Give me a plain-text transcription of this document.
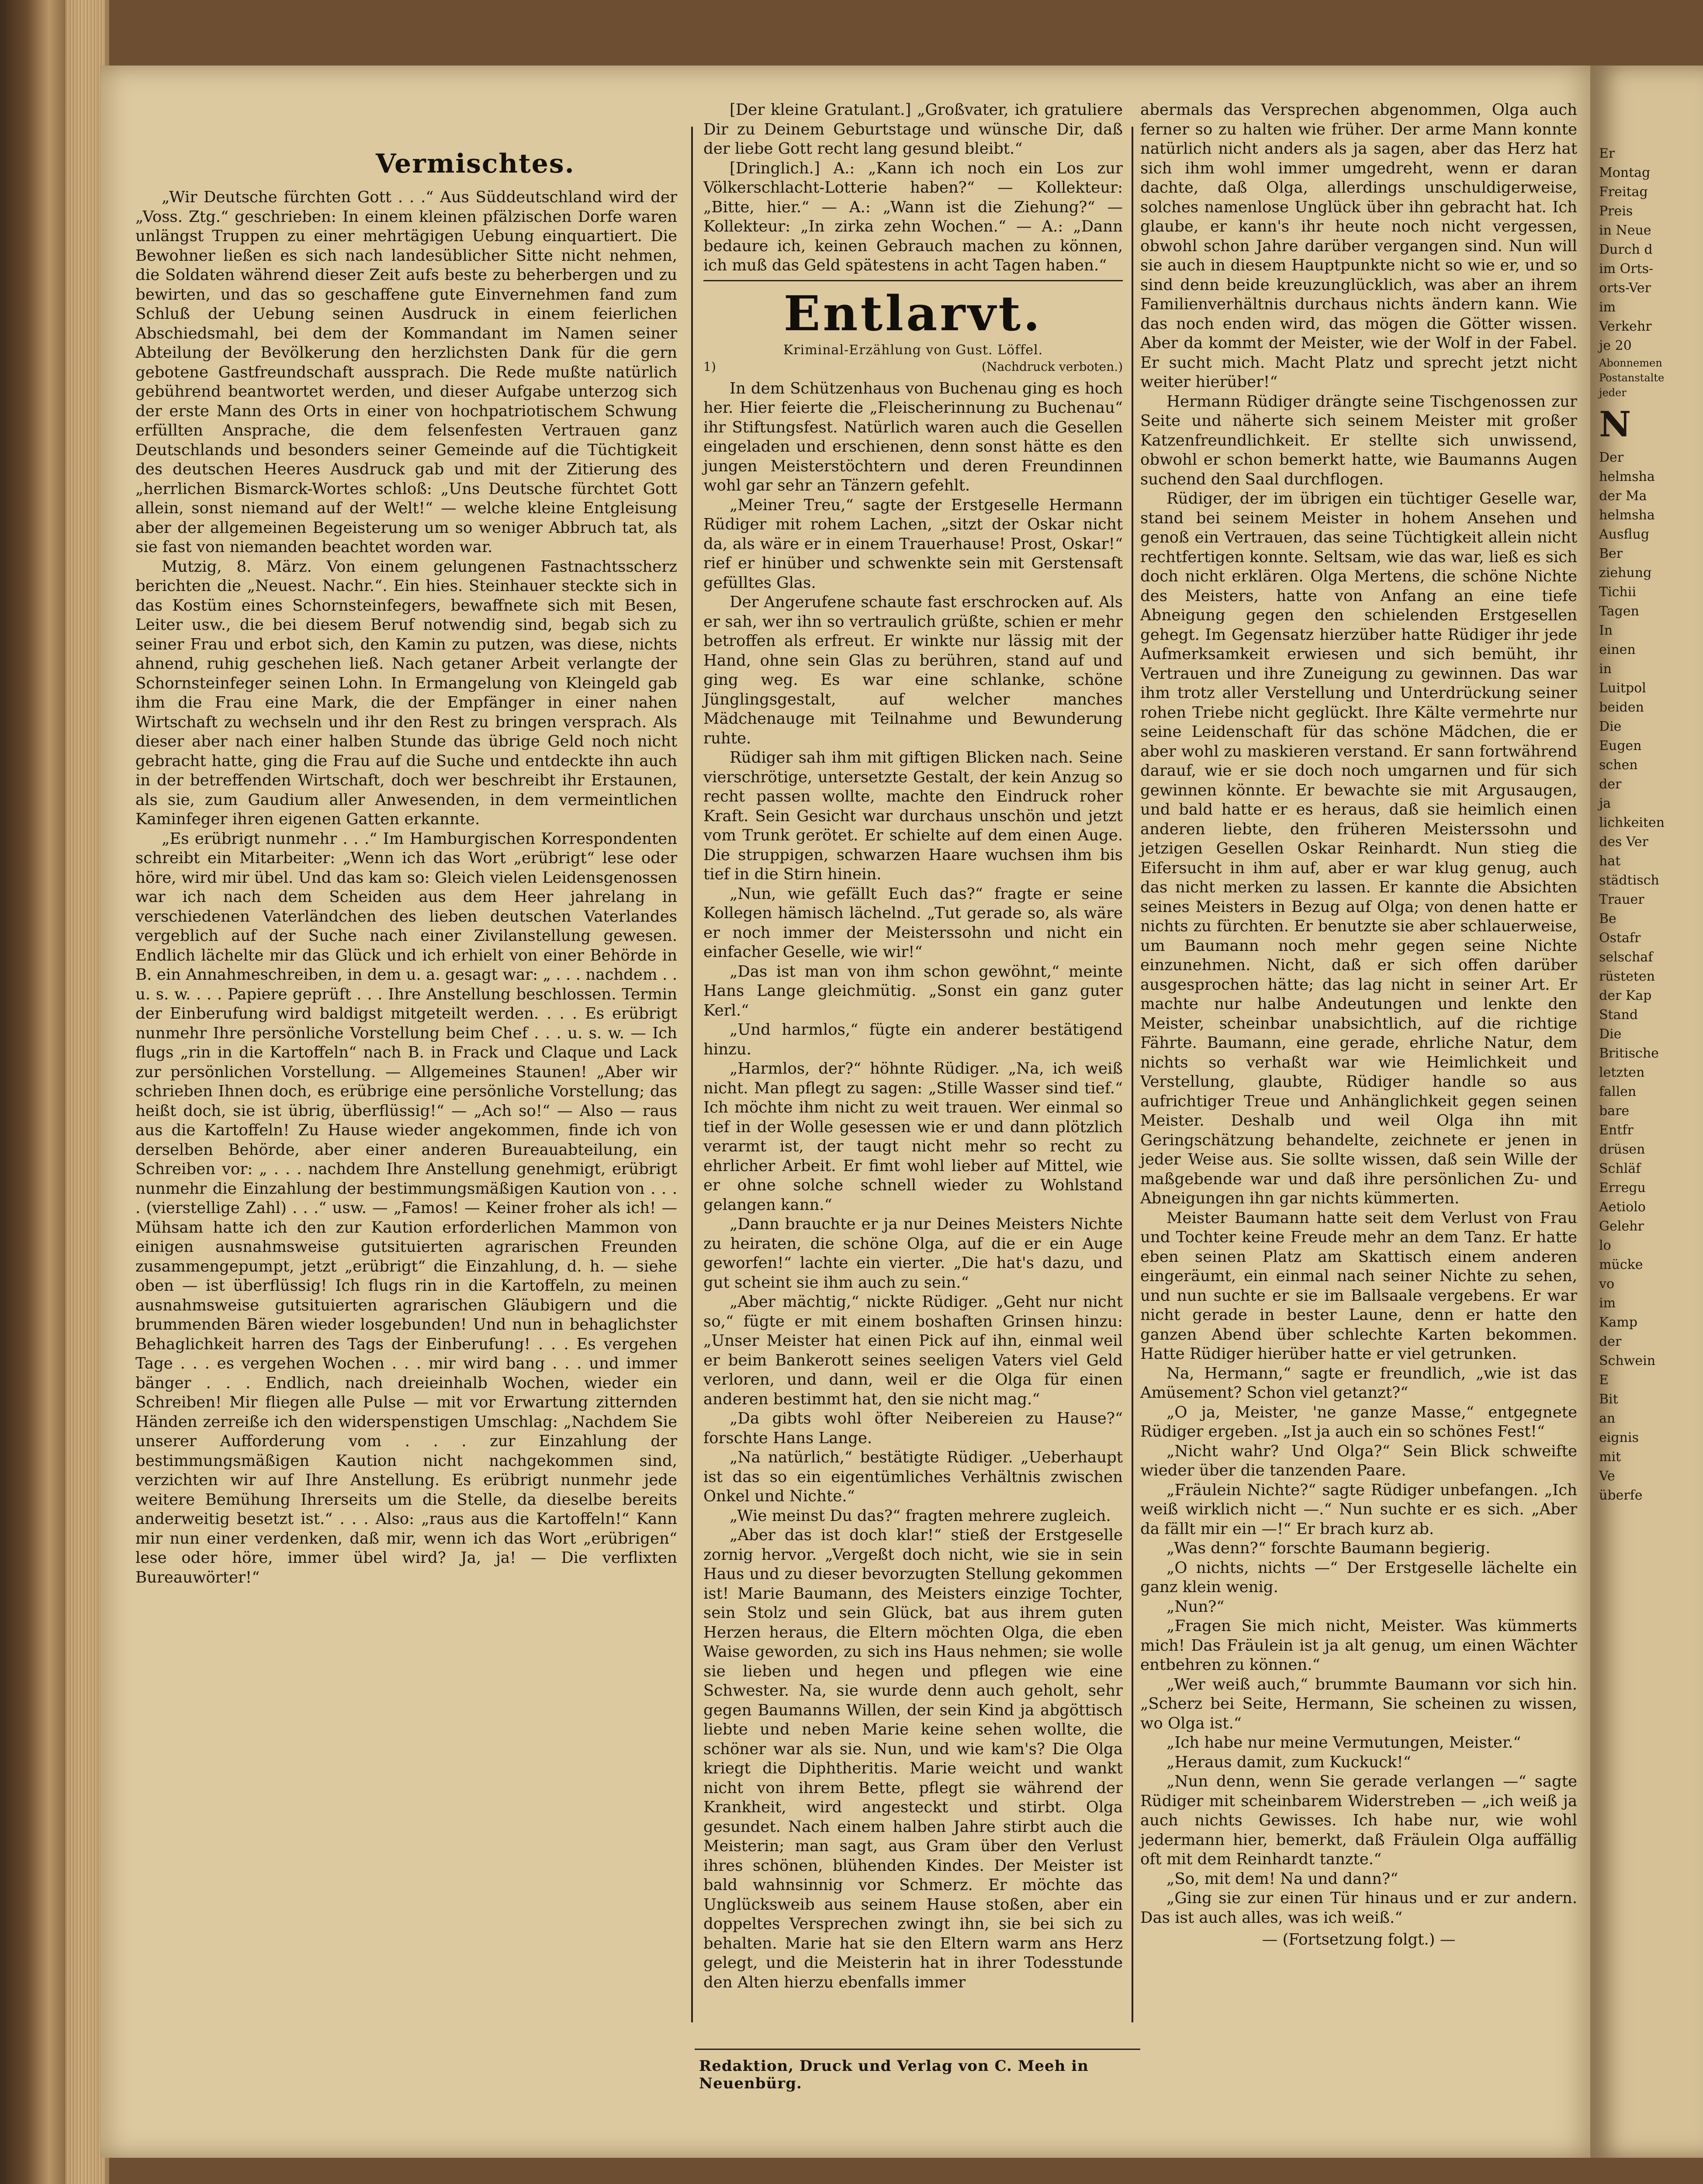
Vermischtes.

„Wir Deutsche fürchten Gott . . .“ Aus Süddeutschland wird der „Voss. Ztg.“ geschrieben: In einem kleinen pfälzischen Dorfe waren unlängst Truppen zu einer mehrtägigen Uebung einquartiert. Die Bewohner ließen es sich nach landesüblicher Sitte nicht nehmen, die Soldaten während dieser Zeit aufs beste zu beherbergen und zu bewirten, und das so geschaffene gute Einvernehmen fand zum Schluß der Uebung seinen Ausdruck in einem feierlichen Abschiedsmahl, bei dem der Kommandant im Namen seiner Abteilung der Bevölkerung den herzlichsten Dank für die gern gebotene Gastfreundschaft aussprach. Die Rede mußte natürlich gebührend beantwortet werden, und dieser Aufgabe unterzog sich der erste Mann des Orts in einer von hochpatriotischem Schwung erfüllten Ansprache, die dem felsenfesten Vertrauen ganz Deutschlands und besonders seiner Gemeinde auf die Tüchtigkeit des deutschen Heeres Ausdruck gab und mit der Zitierung des „herrlichen Bismarck-Wortes schloß: „Uns Deutsche fürchtet Gott allein, sonst niemand auf der Welt!“ — welche kleine Entgleisung aber der allgemeinen Begeisterung um so weniger Abbruch tat, als sie fast von niemanden beachtet worden war.

Mutzig, 8. März. Von einem gelungenen Fastnachtsscherz berichten die „Neuest. Nachr.“. Ein hies. Steinhauer steckte sich in das Kostüm eines Schornsteinfegers, bewaffnete sich mit Besen, Leiter usw., die bei diesem Beruf notwendig sind, begab sich zu seiner Frau und erbot sich, den Kamin zu putzen, was diese, nichts ahnend, ruhig geschehen ließ. Nach getaner Arbeit verlangte der Schornsteinfeger seinen Lohn. In Ermangelung von Kleingeld gab ihm die Frau eine Mark, die der Empfänger in einer nahen Wirtschaft zu wechseln und ihr den Rest zu bringen versprach. Als dieser aber nach einer halben Stunde das übrige Geld noch nicht gebracht hatte, ging die Frau auf die Suche und entdeckte ihn auch in der betreffenden Wirtschaft, doch wer beschreibt ihr Erstaunen, als sie, zum Gaudium aller Anwesenden, in dem vermeintlichen Kaminfeger ihren eigenen Gatten erkannte.

„Es erübrigt nunmehr . . .“ Im Hamburgischen Korrespondenten schreibt ein Mitarbeiter: „Wenn ich das Wort „erübrigt“ lese oder höre, wird mir übel. Und das kam so: Gleich vielen Leidensgenossen war ich nach dem Scheiden aus dem Heer jahrelang in verschiedenen Vaterländchen des lieben deutschen Vaterlandes vergeblich auf der Suche nach einer Zivilanstellung gewesen. Endlich lächelte mir das Glück und ich erhielt von einer Behörde in B. ein Annahmeschreiben, in dem u. a. gesagt war: „ . . . nachdem . . u. s. w. . . . Papiere geprüft . . . Ihre Anstellung beschlossen. Termin der Einberufung wird baldigst mitgeteilt werden. . . . Es erübrigt nunmehr Ihre persönliche Vorstellung beim Chef . . . u. s. w. — Ich flugs „rin in die Kartoffeln“ nach B. in Frack und Claque und Lack zur persönlichen Vorstellung. — Allgemeines Staunen! „Aber wir schrieben Ihnen doch, es erübrige eine persönliche Vorstellung; das heißt doch, sie ist übrig, überflüssig!“ — „Ach so!“ — Also — raus aus die Kartoffeln! Zu Hause wieder angekommen, finde ich von derselben Behörde, aber einer anderen Bureauabteilung, ein Schreiben vor: „ . . . nachdem Ihre Anstellung genehmigt, erübrigt nunmehr die Einzahlung der bestimmungsmäßigen Kaution von . . . . (vierstellige Zahl) . . .“ usw. — „Famos! — Keiner froher als ich! — Mühsam hatte ich den zur Kaution erforderlichen Mammon von einigen ausnahmsweise gutsituierten agrarischen Freunden zusammengepumpt, jetzt „erübrigt“ die Einzahlung, d. h. — siehe oben — ist überflüssig! Ich flugs rin in die Kartoffeln, zu meinen ausnahmsweise gutsituierten agrarischen Gläubigern und die brummenden Bären wieder losgebunden! Und nun in behaglichster Behaglichkeit harren des Tags der Einberufung! . . . Es vergehen Tage . . . es vergehen Wochen . . . mir wird bang . . . und immer bänger . . . Endlich, nach dreieinhalb Wochen, wieder ein Schreiben! Mir fliegen alle Pulse — mit vor Erwartung zitternden Händen zerreiße ich den widerspenstigen Umschlag: „Nachdem Sie unserer Aufforderung vom . . . zur Einzahlung der bestimmungsmäßigen Kaution nicht nachgekommen sind, verzichten wir auf Ihre Anstellung. Es erübrigt nunmehr jede weitere Bemühung Ihrerseits um die Stelle, da dieselbe bereits anderweitig besetzt ist.“ . . . Also: „raus aus die Kartoffeln!“ Kann mir nun einer verdenken, daß mir, wenn ich das Wort „erübrigen“ lese oder höre, immer übel wird? Ja, ja! — Die verflixten Bureauwörter!“

[Der kleine Gratulant.] „Großvater, ich gratuliere Dir zu Deinem Geburtstage und wünsche Dir, daß der liebe Gott recht lang gesund bleibt.“

[Dringlich.] A.: „Kann ich noch ein Los zur Völkerschlacht-Lotterie haben?“ — Kollekteur: „Bitte, hier.“ — A.: „Wann ist die Ziehung?“ — Kollekteur: „In zirka zehn Wochen.“ — A.: „Dann bedaure ich, keinen Gebrauch machen zu können, ich muß das Geld spätestens in acht Tagen haben.“

Entlarvt.

Kriminal-Erzählung von Gust. Löffel.

1)	(Nachdruck verboten.)

In dem Schützenhaus von Buchenau ging es hoch her. Hier feierte die „Fleischerinnung zu Buchenau“ ihr Stiftungsfest. Natürlich waren auch die Gesellen eingeladen und erschienen, denn sonst hätte es den jungen Meisterstöchtern und deren Freundinnen wohl gar sehr an Tänzern gefehlt.

„Meiner Treu,“ sagte der Erstgeselle Hermann Rüdiger mit rohem Lachen, „sitzt der Oskar nicht da, als wäre er in einem Trauerhause! Prost, Oskar!“ rief er hinüber und schwenkte sein mit Gerstensaft gefülltes Glas.

Der Angerufene schaute fast erschrocken auf. Als er sah, wer ihn so vertraulich grüßte, schien er mehr betroffen als erfreut. Er winkte nur lässig mit der Hand, ohne sein Glas zu berühren, stand auf und ging weg. Es war eine schlanke, schöne Jünglingsgestalt, auf welcher manches Mädchenauge mit Teilnahme und Bewunderung ruhte.

Rüdiger sah ihm mit giftigen Blicken nach. Seine vierschrötige, untersetzte Gestalt, der kein Anzug so recht passen wollte, machte den Eindruck roher Kraft. Sein Gesicht war durchaus unschön und jetzt vom Trunk gerötet. Er schielte auf dem einen Auge. Die struppigen, schwarzen Haare wuchsen ihm bis tief in die Stirn hinein.

„Nun, wie gefällt Euch das?“ fragte er seine Kollegen hämisch lächelnd. „Tut gerade so, als wäre er noch immer der Meisterssohn und nicht ein einfacher Geselle, wie wir!“

„Das ist man von ihm schon gewöhnt,“ meinte Hans Lange gleichmütig. „Sonst ein ganz guter Kerl.“

„Und harmlos,“ fügte ein anderer bestätigend hinzu.

„Harmlos, der?“ höhnte Rüdiger. „Na, ich weiß nicht. Man pflegt zu sagen: „Stille Wasser sind tief.“ Ich möchte ihm nicht zu weit trauen. Wer einmal so tief in der Wolle gesessen wie er und dann plötzlich verarmt ist, der taugt nicht mehr so recht zu ehrlicher Arbeit. Er fimt wohl lieber auf Mittel, wie er ohne solche schnell wieder zu Wohlstand gelangen kann.“

„Dann brauchte er ja nur Deines Meisters Nichte zu heiraten, die schöne Olga, auf die er ein Auge geworfen!“ lachte ein vierter. „Die hat's dazu, und gut scheint sie ihm auch zu sein.“

„Aber mächtig,“ nickte Rüdiger. „Geht nur nicht so,“ fügte er mit einem boshaften Grinsen hinzu: „Unser Meister hat einen Pick auf ihn, einmal weil er beim Bankerott seines seeligen Vaters viel Geld verloren, und dann, weil er die Olga für einen anderen bestimmt hat, den sie nicht mag.“

„Da gibts wohl öfter Neibereien zu Hause?“ forschte Hans Lange.

„Na natürlich,“ bestätigte Rüdiger. „Ueberhaupt ist das so ein eigentümliches Verhältnis zwischen Onkel und Nichte.“

„Wie meinst Du das?“ fragten mehrere zugleich.

„Aber das ist doch klar!“ stieß der Erstgeselle zornig hervor. „Vergeßt doch nicht, wie sie in sein Haus und zu dieser bevorzugten Stellung gekommen ist! Marie Baumann, des Meisters einzige Tochter, sein Stolz und sein Glück, bat aus ihrem guten Herzen heraus, die Eltern möchten Olga, die eben Waise geworden, zu sich ins Haus nehmen; sie wolle sie lieben und hegen und pflegen wie eine Schwester. Na, sie wurde denn auch geholt, sehr gegen Baumanns Willen, der sein Kind ja abgöttisch liebte und neben Marie keine sehen wollte, die schöner war als sie. Nun, und wie kam's? Die Olga kriegt die Diphtheritis. Marie weicht und wankt nicht von ihrem Bette, pflegt sie während der Krankheit, wird angesteckt und stirbt. Olga gesundet. Nach einem halben Jahre stirbt auch die Meisterin; man sagt, aus Gram über den Verlust ihres schönen, blühenden Kindes. Der Meister ist bald wahnsinnig vor Schmerz. Er möchte das Unglücksweib aus seinem Hause stoßen, aber ein doppeltes Versprechen zwingt ihn, sie bei sich zu behalten. Marie hat sie den Eltern warm ans Herz gelegt, und die Meisterin hat in ihrer Todesstunde den Alten hierzu ebenfalls immer

abermals das Versprechen abgenommen, Olga auch ferner so zu halten wie früher. Der arme Mann konnte natürlich nicht anders als ja sagen, aber das Herz hat sich ihm wohl immer umgedreht, wenn er daran dachte, daß Olga, allerdings unschuldigerweise, solches namenlose Unglück über ihn gebracht hat. Ich glaube, er kann's ihr heute noch nicht vergessen, obwohl schon Jahre darüber vergangen sind. Nun will sie auch in diesem Hauptpunkte nicht so wie er, und so sind denn beide kreuzunglücklich, was aber an ihrem Familienverhältnis durchaus nichts ändern kann. Wie das noch enden wird, das mögen die Götter wissen. Aber da kommt der Meister, wie der Wolf in der Fabel. Er sucht mich. Macht Platz und sprecht jetzt nicht weiter hierüber!“

Hermann Rüdiger drängte seine Tischgenossen zur Seite und näherte sich seinem Meister mit großer Katzenfreundlichkeit. Er stellte sich unwissend, obwohl er schon bemerkt hatte, wie Baumanns Augen suchend den Saal durchflogen.

Rüdiger, der im übrigen ein tüchtiger Geselle war, stand bei seinem Meister in hohem Ansehen und genoß ein Vertrauen, das seine Tüchtigkeit allein nicht rechtfertigen konnte. Seltsam, wie das war, ließ es sich doch nicht erklären. Olga Mertens, die schöne Nichte des Meisters, hatte von Anfang an eine tiefe Abneigung gegen den schielenden Erstgesellen gehegt. Im Gegensatz hierzüber hatte Rüdiger ihr jede Aufmerksamkeit erwiesen und sich bemüht, ihr Vertrauen und ihre Zuneigung zu gewinnen. Das war ihm trotz aller Verstellung und Unterdrückung seiner rohen Triebe nicht geglückt. Ihre Kälte vermehrte nur seine Leidenschaft für das schöne Mädchen, die er aber wohl zu maskieren verstand. Er sann fortwährend darauf, wie er sie doch noch umgarnen und für sich gewinnen könnte. Er bewachte sie mit Argusaugen, und bald hatte er es heraus, daß sie heimlich einen anderen liebte, den früheren Meisterssohn und jetzigen Gesellen Oskar Reinhardt. Nun stieg die Eifersucht in ihm auf, aber er war klug genug, auch das nicht merken zu lassen. Er kannte die Absichten seines Meisters in Bezug auf Olga; von denen hatte er nichts zu fürchten. Er benutzte sie aber schlauerweise, um Baumann noch mehr gegen seine Nichte einzunehmen. Nicht, daß er sich offen darüber ausgesprochen hätte; das lag nicht in seiner Art. Er machte nur halbe Andeutungen und lenkte den Meister, scheinbar unabsichtlich, auf die richtige Fährte. Baumann, eine gerade, ehrliche Natur, dem nichts so verhaßt war wie Heimlichkeit und Verstellung, glaubte, Rüdiger handle so aus aufrichtiger Treue und Anhänglichkeit gegen seinen Meister. Deshalb und weil Olga ihn mit Geringschätzung behandelte, zeichnete er jenen in jeder Weise aus. Sie sollte wissen, daß sein Wille der maßgebende war und daß ihre persönlichen Zu- und Abneigungen ihn gar nichts kümmerten.

Meister Baumann hatte seit dem Verlust von Frau und Tochter keine Freude mehr an dem Tanz. Er hatte eben seinen Platz am Skattisch einem anderen eingeräumt, ein einmal nach seiner Nichte zu sehen, und nun suchte er sie im Ballsaale vergebens. Er war nicht gerade in bester Laune, denn er hatte den ganzen Abend über schlechte Karten bekommen. Hatte Rüdiger hierüber hatte er viel getrunken.

Na, Hermann,“ sagte er freundlich, „wie ist das Amüsement? Schon viel getanzt?“

„O ja, Meister, 'ne ganze Masse,“ entgegnete Rüdiger ergeben. „Ist ja auch ein so schönes Fest!“

„Nicht wahr? Und Olga?“ Sein Blick schweifte wieder über die tanzenden Paare.

„Fräulein Nichte?“ sagte Rüdiger unbefangen. „Ich weiß wirklich nicht —.“ Nun suchte er es sich. „Aber da fällt mir ein —!“ Er brach kurz ab.

„Was denn?“ forschte Baumann begierig.

„O nichts, nichts —“ Der Erstgeselle lächelte ein ganz klein wenig.

„Nun?“

„Fragen Sie mich nicht, Meister. Was kümmerts mich! Das Fräulein ist ja alt genug, um einen Wächter entbehren zu können.“

„Wer weiß auch,“ brummte Baumann vor sich hin. „Scherz bei Seite, Hermann, Sie scheinen zu wissen, wo Olga ist.“

„Ich habe nur meine Vermutungen, Meister.“

„Heraus damit, zum Kuckuck!“

„Nun denn, wenn Sie gerade verlangen —“ sagte Rüdiger mit scheinbarem Widerstreben — „ich weiß ja auch nichts Gewisses. Ich habe nur, wie wohl jedermann hier, bemerkt, daß Fräulein Olga auffällig oft mit dem Reinhardt tanzte.“

„So, mit dem! Na und dann?“

„Ging sie zur einen Tür hinaus und er zur andern. Das ist auch alles, was ich weiß.“

— (Fortsetzung folgt.) —

Redaktion, Druck und Verlag von C. Meeh in Neuenbürg.
Er
Montag
Freitag
Preis
in Neue
Durch d
im Orts-
orts-Ver
im
Verkehr
je 20
Abonnemen
Postanstalte
jeder
N
Der
helmsha
der Ma
helmsha
Ausflug
Ber
ziehung
Tichii
Tagen
In
einen
in
Luitpol
beiden
Die
Eugen
schen
der
ja
lichkeiten
des Ver
hat
städtisch
Trauer
Be
Ostafr
selschaf
rüsteten
der Kap
Stand
Die
Britische
letzten
fallen
bare
Entfr
drüsen
Schläf
Erregu
Aetiolo
Gelehr
lo
mücke
vo
im
Kamp
der
Schwein
E
Bit
an
eignis
mit
Ve
überfe
